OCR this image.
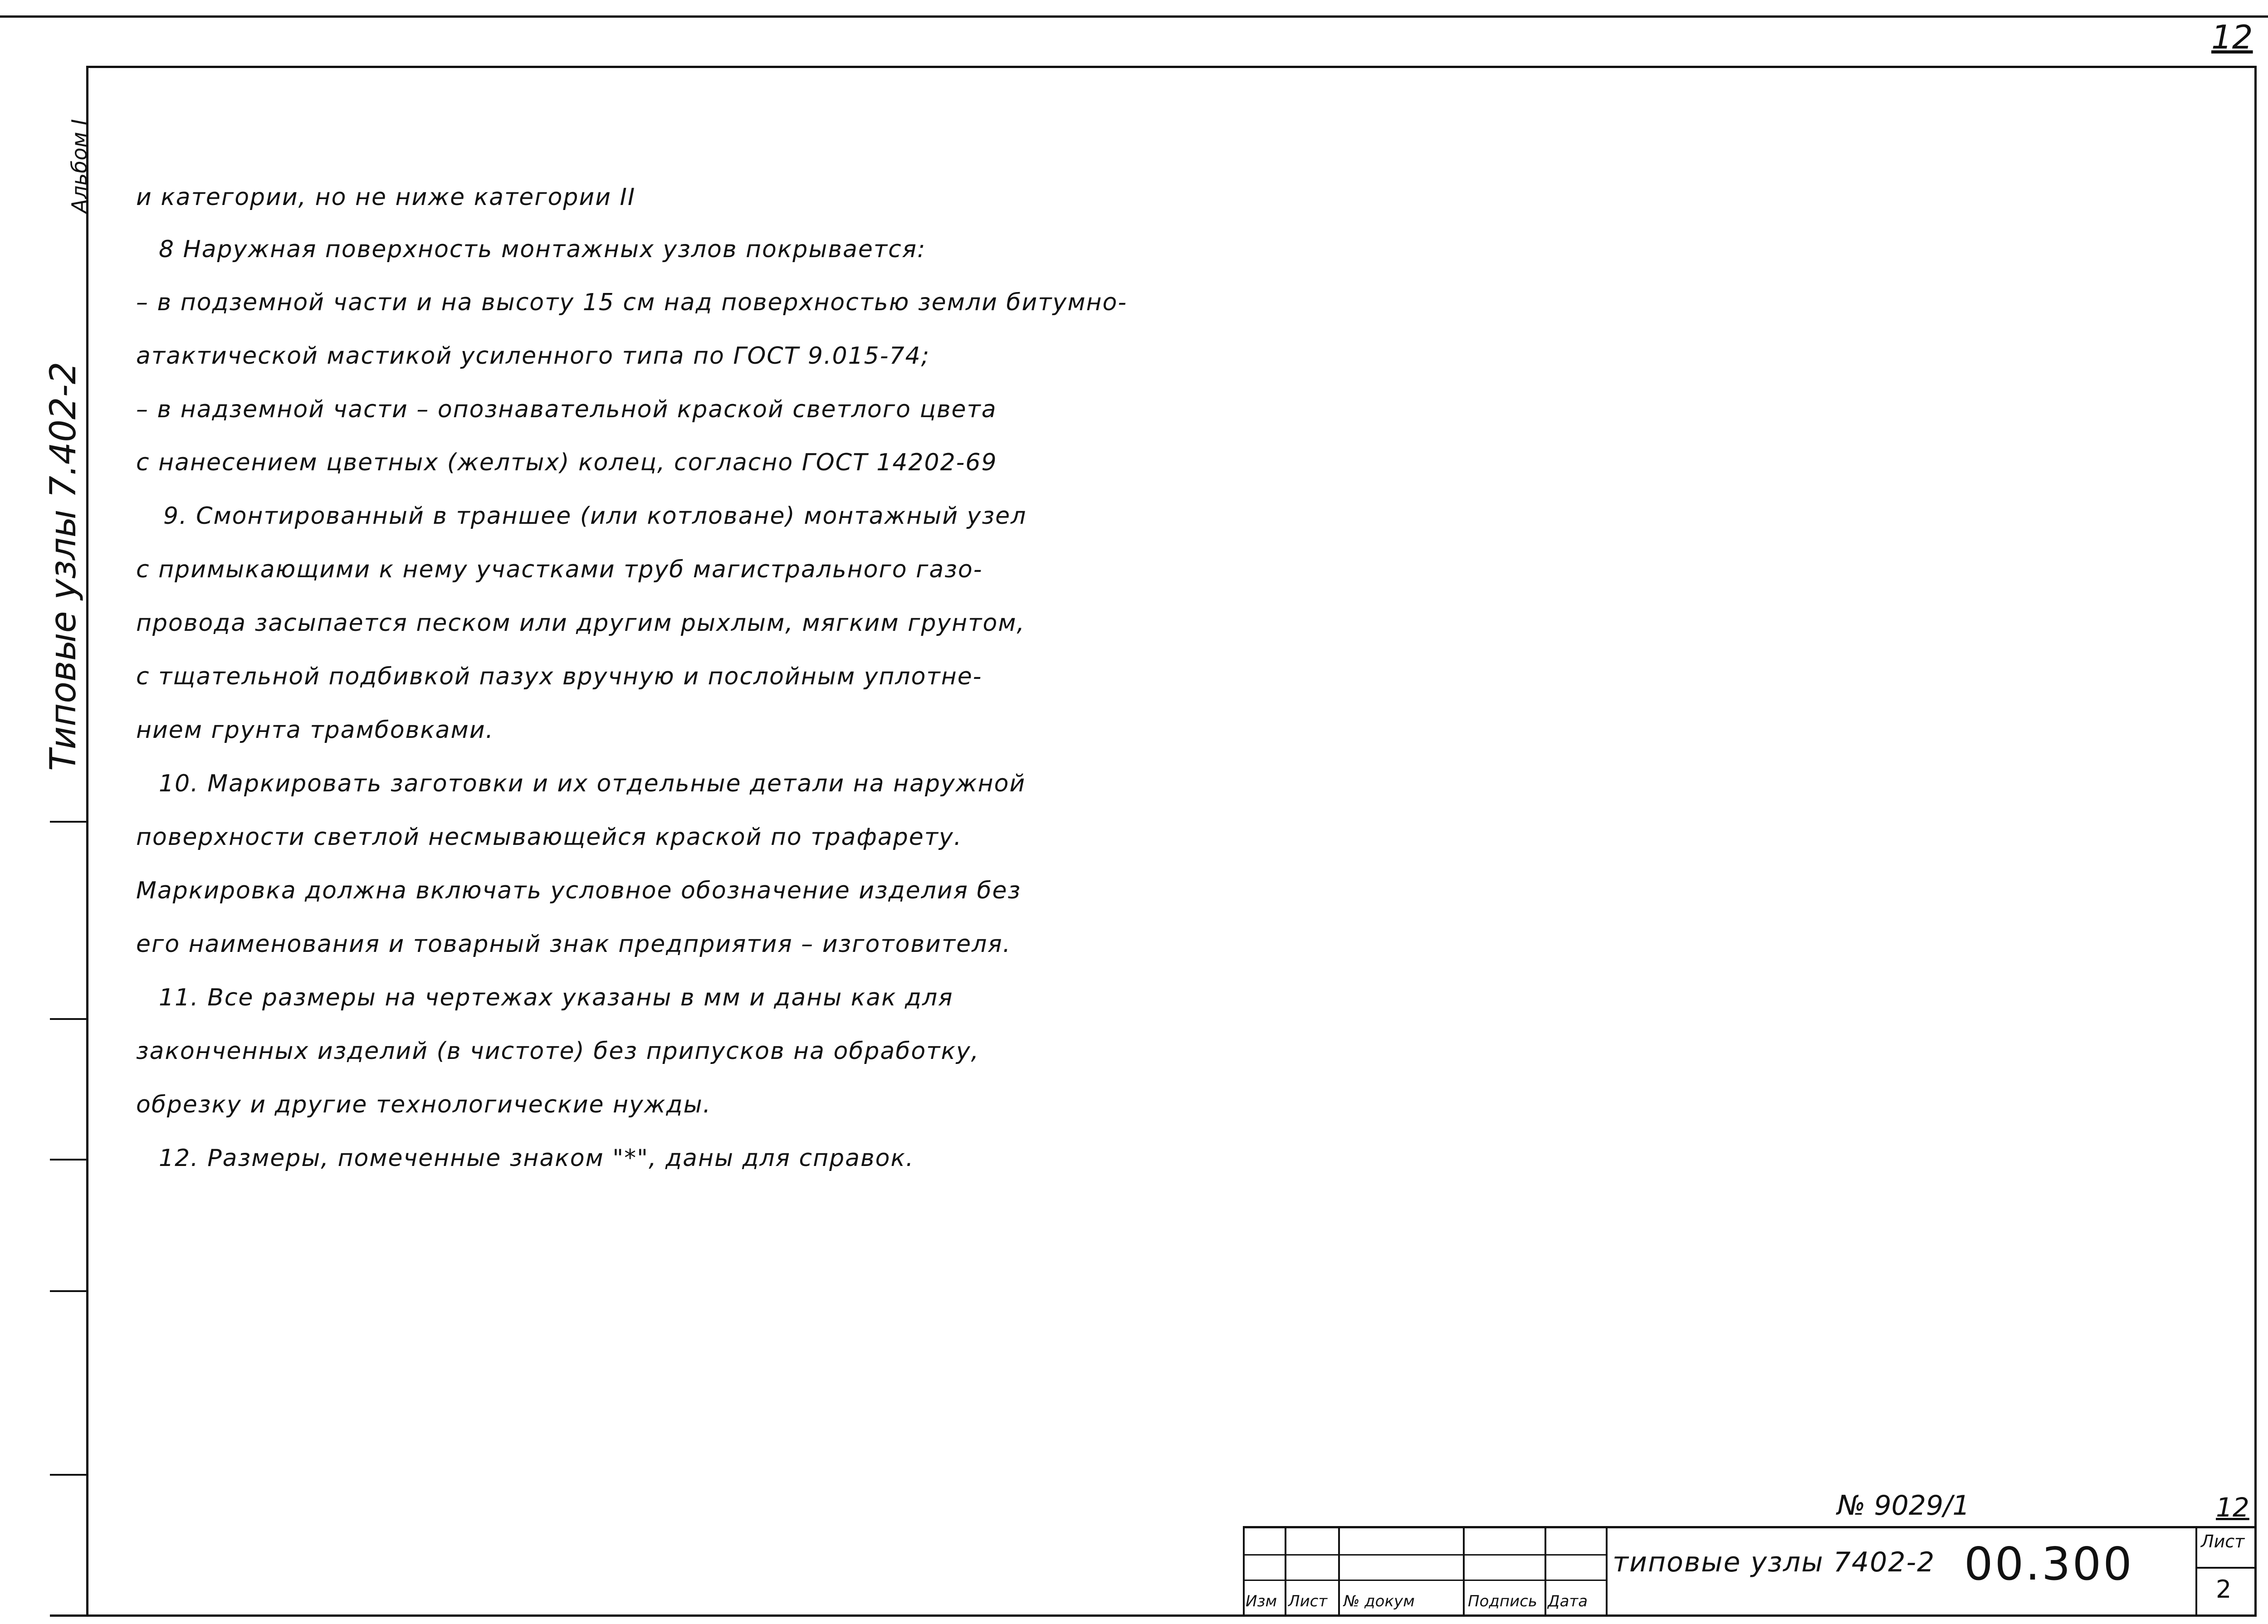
Альбом I
Типовые узлы 7.402-2
12
и категории, но не ниже категории II
8 Наружная поверхность монтажных узлов покрывается:
– в подземной части и на высоту 15 см над поверхностью земли битумно-
атактической мастикой усиленного типа по ГОСТ 9.015-74;
– в надземной части – опознавательной краской светлого цвета
с нанесением цветных (желтых) колец, согласно ГОСТ 14202-69
9. Смонтированный в траншее (или котловане) монтажный узел
с примыкающими к нему участками труб магистрального газо-
провода засыпается песком или другим рыхлым, мягким грунтом,
с тщательной подбивкой пазух вручную и послойным уплотне-
нием грунта трамбовками.
10. Маркировать заготовки и их отдельные детали на наружной
поверхности светлой несмывающейся краской по трафарету.
Маркировка должна включать условное обозначение изделия без
его наименования и товарный знак предприятия – изготовителя.
11. Все размеры на чертежах указаны в мм и даны как для
законченных изделий (в чистоте) без припусков на обработку,
обрезку и другие технологические нужды.
12. Размеры, помеченные знаком "*", даны для справок.
Изм Лист № докум	Подпись Дата
типовые узлы 7402-2 00.300	Лист
2
№ 9029/1	12
